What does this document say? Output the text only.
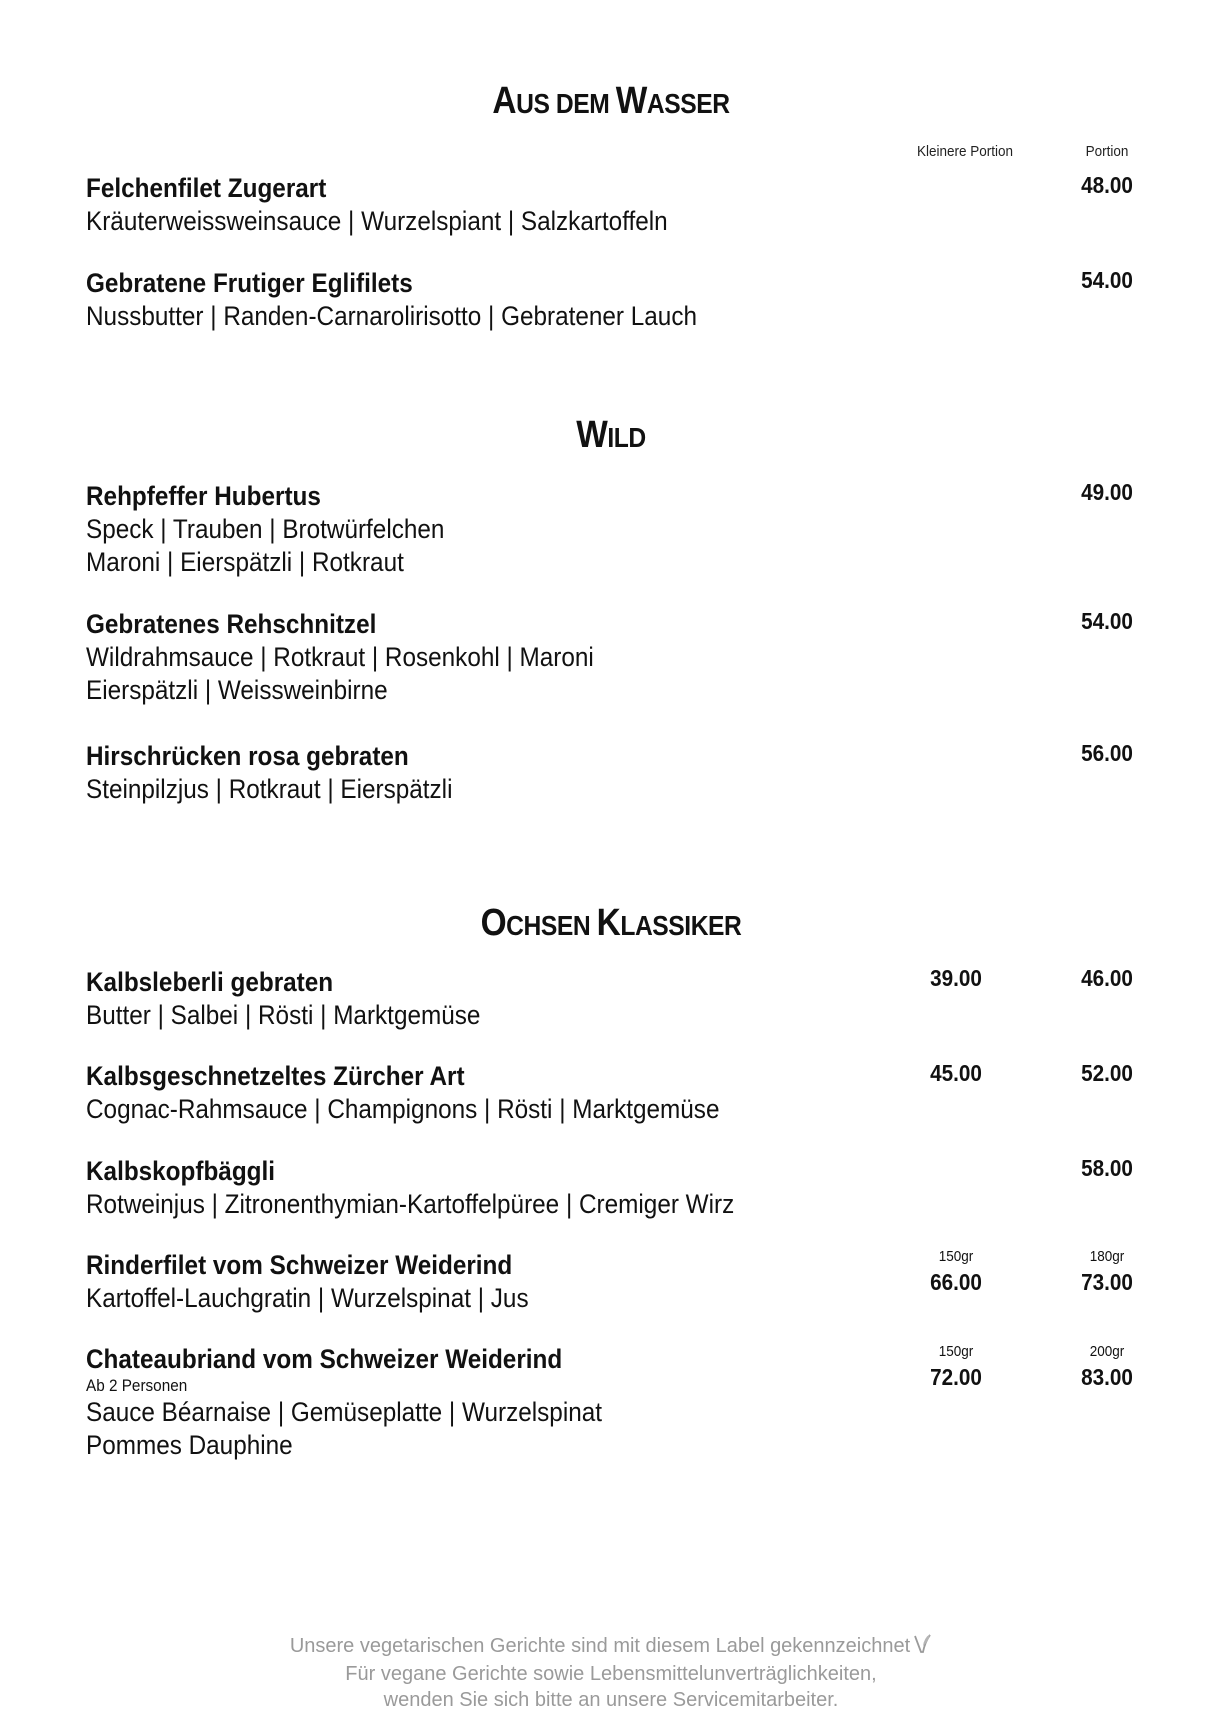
AUS DEM WASSER
Kleinere Portion	Portion
Felchenfilet Zugerart
Kräuterweissweinsauce | Wurzelspiant | Salzkartoffeln
48.00
Gebratene Frutiger Eglifilets
Nussbutter | Randen-Carnarolirisotto | Gebratener Lauch
54.00
WILD
Rehpfeffer Hubertus
Speck | Trauben | Brotwürfelchen
Maroni | Eierspätzli | Rotkraut
49.00
Gebratenes Rehschnitzel
Wildrahmsauce | Rotkraut | Rosenkohl | Maroni
Eierspätzli | Weissweinbirne
54.00
Hirschrücken rosa gebraten
Steinpilzjus | Rotkraut | Eierspätzli
56.00
OCHSEN KLASSIKER
Kalbsleberli gebraten
Butter | Salbei | Rösti | Marktgemüse
39.00	46.00
Kalbsgeschnetzeltes Zürcher Art
Cognac-Rahmsauce | Champignons | Rösti | Marktgemüse
45.00	52.00
Kalbskopfbäggli
Rotweinjus | Zitronenthymian-Kartoffelpüree | Cremiger Wirz
58.00
Rinderfilet vom Schweizer Weiderind
Kartoffel-Lauchgratin | Wurzelspinat | Jus
150gr	180gr
66.00	73.00
Chateaubriand vom Schweizer Weiderind
Ab 2 Personen
Sauce Béarnaise | Gemüseplatte | Wurzelspinat
Pommes Dauphine
150gr	200gr
72.00	83.00
Unsere vegetarischen Gerichte sind mit diesem Label gekennzeichnet
Für vegane Gerichte sowie Lebensmittelunverträglichkeiten,
wenden Sie sich bitte an unsere Servicemitarbeiter.
